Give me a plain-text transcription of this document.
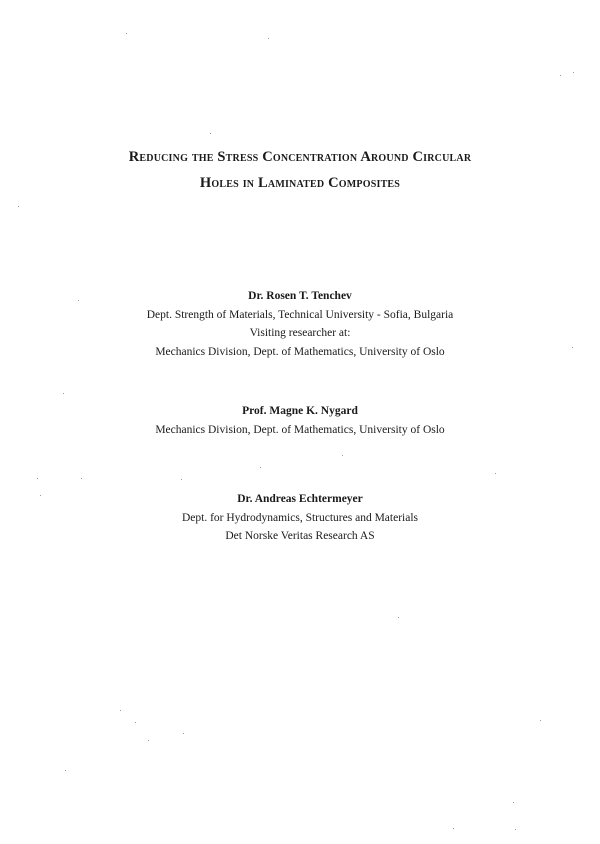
Reducing the Stress Concentration Around Circular
Holes in Laminated Composites
Dr. Rosen T. Tenchev
Dept. Strength of Materials, Technical University - Sofia, Bulgaria
Visiting researcher at:
Mechanics Division, Dept. of Mathematics, University of Oslo
Prof. Magne K. Nygard
Mechanics Division, Dept. of Mathematics, University of Oslo
Dr. Andreas Echtermeyer
Dept. for Hydrodynamics, Structures and Materials
Det Norske Veritas Research AS
